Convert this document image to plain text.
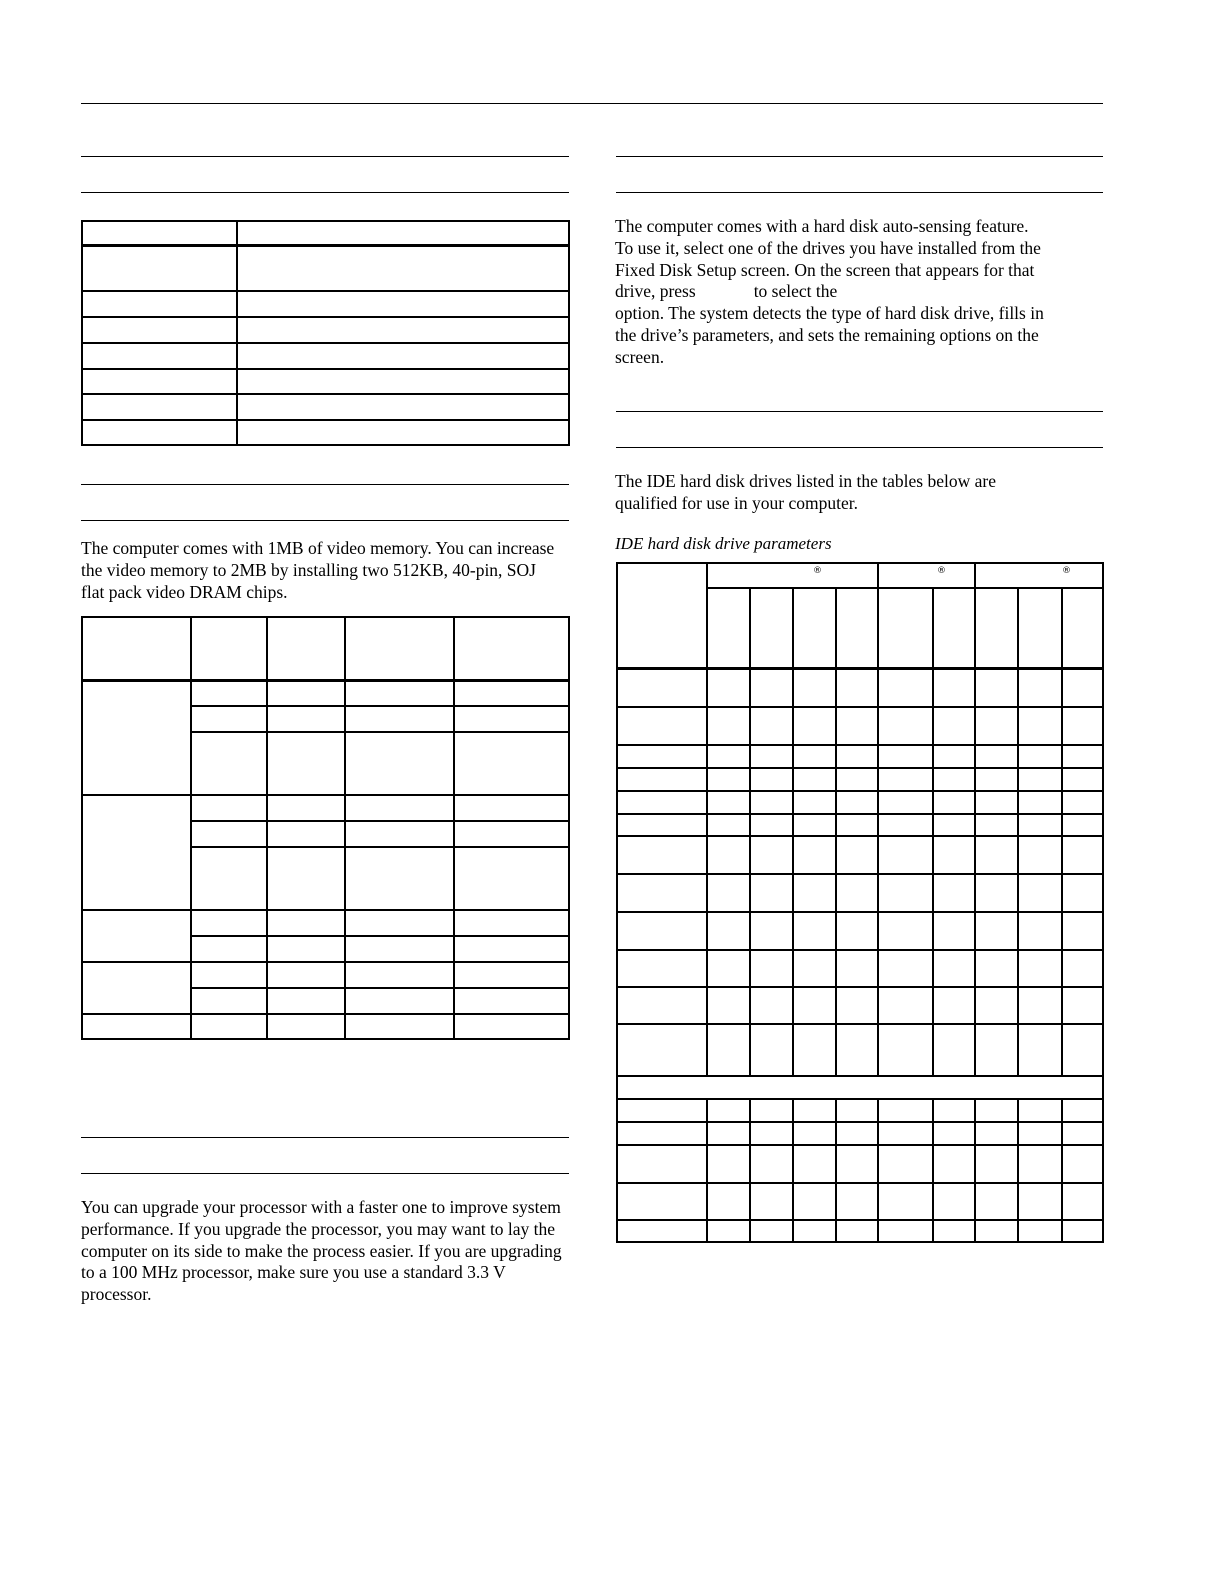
The computer comes with 1MB of video memory. You can increase the video memory to 2MB by installing two 512KB, 40-pin, SOJ flat pack video DRAM chips.

You can upgrade your processor with a faster one to improve system performance. If you upgrade the processor, you may want to lay the computer on its side to make the process easier. If you are upgrading to a 100 MHz processor, make sure you use a standard 3.3 V processor.

The computer comes with a hard disk auto-sensing feature.
To use it, select one of the drives you have installed from the
Fixed Disk Setup screen. On the screen that appears for that
drive, press	to select the
option. The system detects the type of hard disk drive, fills in
the drive’s parameters, and sets the remaining options on the
screen.

The IDE hard disk drives listed in the tables below are qualified for use in your computer.

IDE hard disk drive parameters

®	®	®
